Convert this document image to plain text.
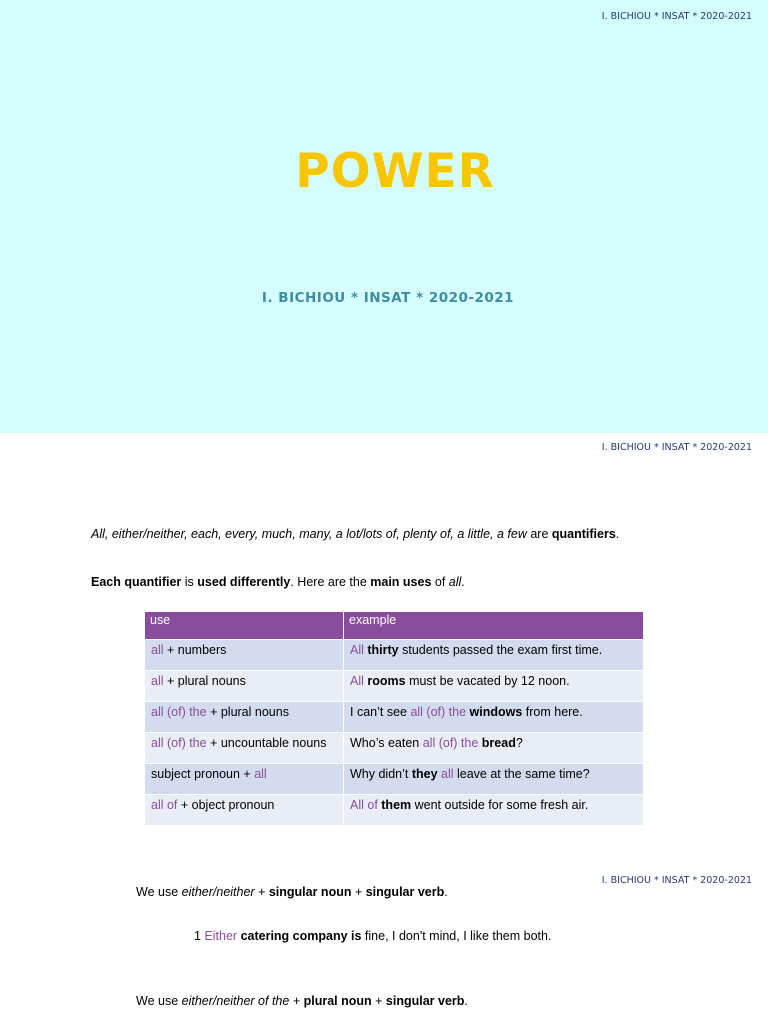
I. BICHIOU * INSAT * 2020-2021
POWER
I. BICHIOU * INSAT * 2020-2021
I. BICHIOU * INSAT * 2020-2021
All, either/neither, each, every, much, many, a lot/lots of, plenty of, a little, a few are quantifiers.
Each quantifier is used differently. Here are the main uses of all.
use	example
all + numbers	All thirty students passed the exam first time.
all + plural nouns	All rooms must be vacated by 12 noon.
all (of) the + plural nouns	I can’t see all (of) the windows from here.
all (of) the + uncountable nouns	Who’s eaten all (of) the bread?
subject pronoun + all	Why didn’t they all leave at the same time?
all of + object pronoun	All of them went outside for some fresh air.
I. BICHIOU * INSAT * 2020-2021
We use either/neither + singular noun + singular verb.
1 Either catering company is fine, I don't mind, I like them both.
We use either/neither of the + plural noun + singular verb.
